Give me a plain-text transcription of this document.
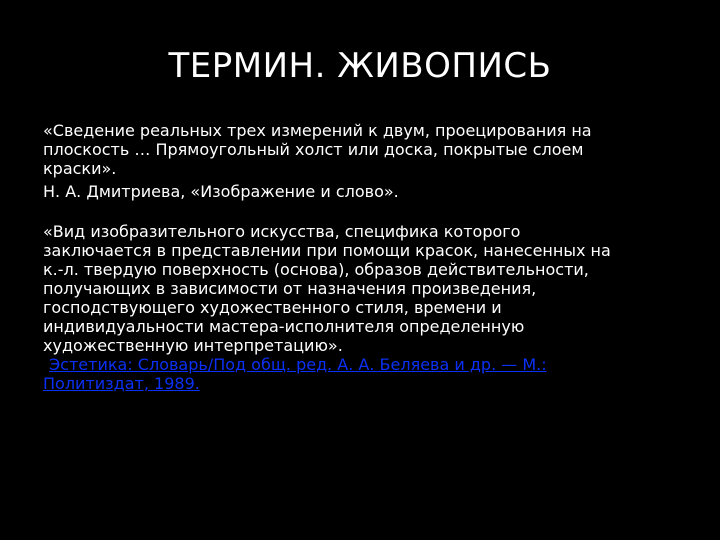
ТЕРМИН. ЖИВОПИСЬ
«Сведение реальных трех измерений к двум, проецирования на
плоскость … Прямоугольный холст или доска, покрытые слоем
краски».
Н. А. Дмитриева, «Изображение и слово».
«Вид изобразительного искусства, специфика которого
заключается в представлении при помощи красок, нанесенных на
к.-л. твердую поверхность (основа), образов действительности,
получающих в зависимости от назначения произведения,
господствующего художественного стиля, времени и
индивидуальности мастера-исполнителя определенную
художественную интерпретацию».
Эстетика: Словарь/Под общ. ред. А. А. Беляева и др. — М.:
Политиздат, 1989.
